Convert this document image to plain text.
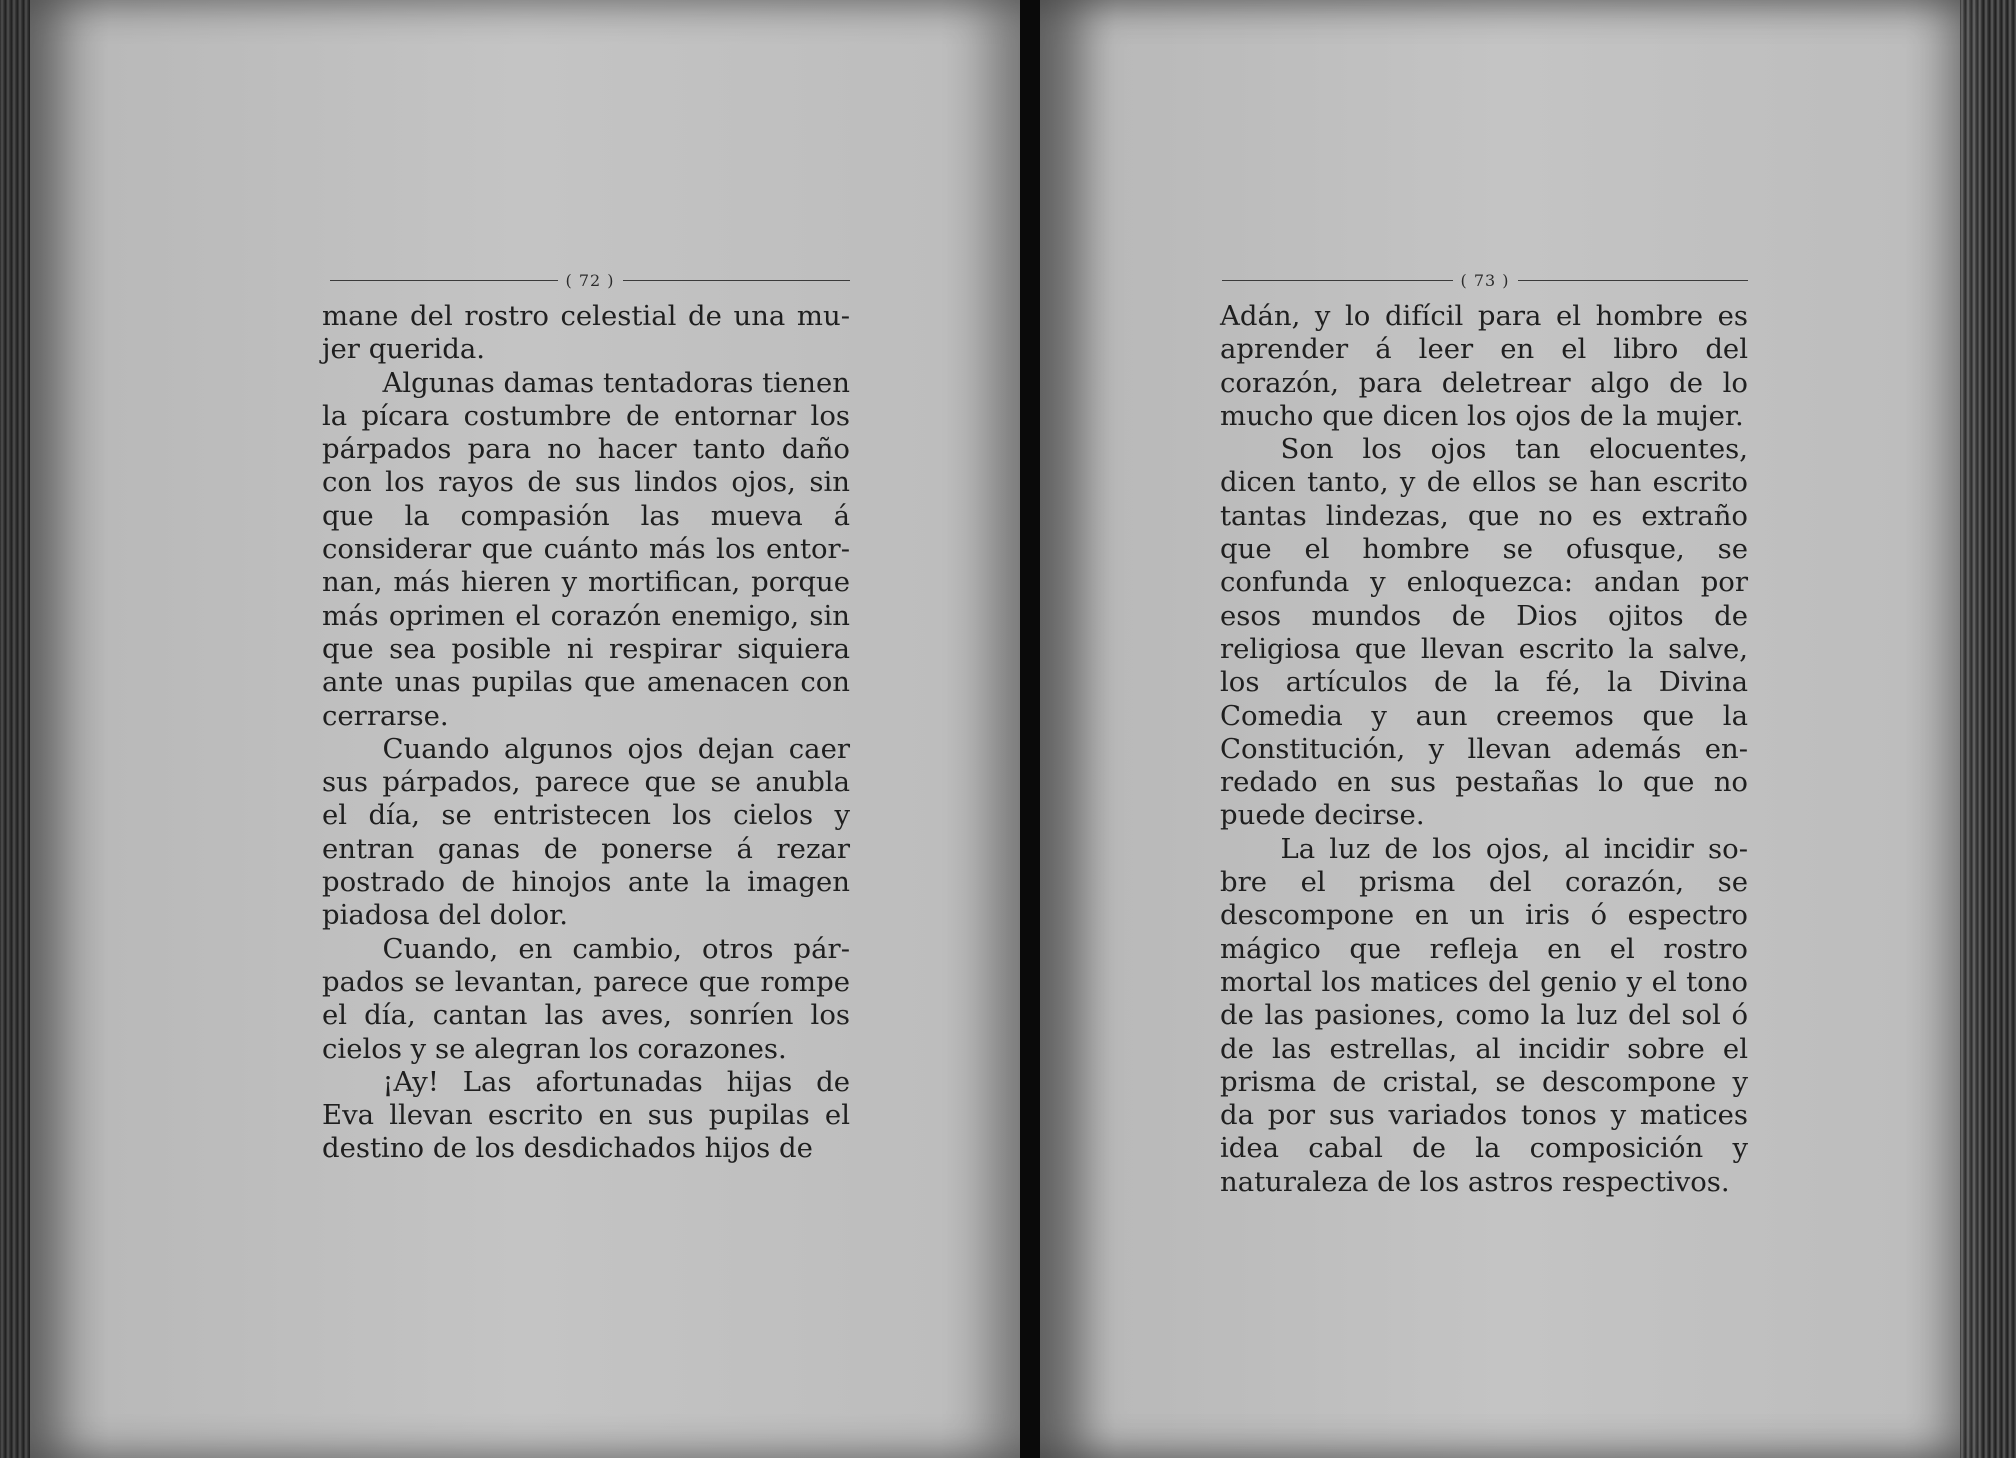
( 72 )

mane del rostro celestial de una mujer querida.

Algunas damas tentadoras tienen la pícara costumbre de entornar los párpados para no hacer tanto daño con los rayos de sus lindos ojos, sin que la compasión las mueva á considerar que cuánto más los entornan, más hieren y mortifican, porque más oprimen el corazón enemigo, sin que sea posible ni respirar siquiera ante unas pupilas que amenacen con cerrarse.

Cuando algunos ojos dejan caer sus párpados, parece que se anubla el día, se entristecen los cielos y entran ganas de ponerse á rezar postrado de hinojos ante la imagen piadosa del dolor.

Cuando, en cambio, otros párpados se levantan, parece que rompe el día, cantan las aves, sonríen los cielos y se alegran los corazones.

¡Ay! Las afortunadas hijas de Eva llevan escrito en sus pupilas el destino de los desdichados hijos de

( 73 )

Adán, y lo difícil para el hombre es aprender á leer en el libro del corazón, para deletrear algo de lo mucho que dicen los ojos de la mujer.

Son los ojos tan elocuentes, dicen tanto, y de ellos se han escrito tantas lindezas, que no es extraño que el hombre se ofusque, se confunda y enloquezca: andan por esos mundos de Dios ojitos de religiosa que llevan escrito la salve, los artículos de la fé, la Divina Comedia y aun creemos que la Constitución, y llevan además enredado en sus pestañas lo que no puede decirse.

La luz de los ojos, al incidir sobre el prisma del corazón, se descompone en un iris ó espectro mágico que refleja en el rostro mortal los matices del genio y el tono de las pasiones, como la luz del sol ó de las estrellas, al incidir sobre el prisma de cristal, se descompone y da por sus variados tonos y matices idea cabal de la composición y naturaleza de los astros respectivos.
